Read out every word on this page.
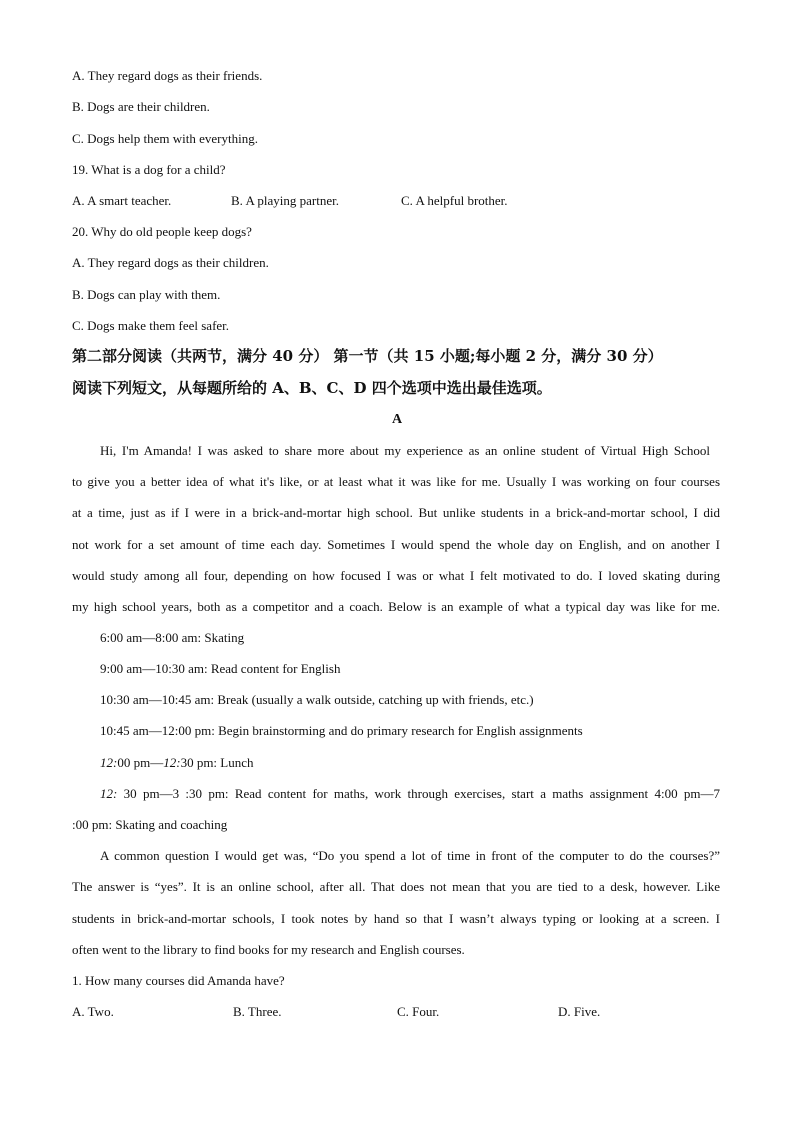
A. They regard dogs as their friends.
B. Dogs are their children.
C. Dogs help them with everything.
19. What is a dog for a child?
A. A smart teacher.	B. A playing partner.	C. A helpful brother.
20. Why do old people keep dogs?
A. They regard dogs as their children.
B. Dogs can play with them.
C. Dogs make them feel safer.
第二部分阅读（共两节，满分 40 分） 第一节（共 15 小题;每小题 2 分，满分 30 分）
阅读下列短文，从每题所给的 A、B、C、D 四个选项中选出最佳选项。
A
Hi, I'm Amanda! I was asked to share more about my experience as an online student of Virtual High School
to give you a better idea of what it's like, or at least what it was like for me. Usually I was working on four courses
at a time, just as if I were in a brick-and-mortar high school. But unlike students in a brick-and-mortar school, I did
not work for a set amount of time each day. Sometimes I would spend the whole day on English, and on another I
would study among all four, depending on how focused I was or what I felt motivated to do. I loved skating during
my high school years, both as a competitor and a coach. Below is an example of what a typical day was like for me.
6:00 am—8:00 am: Skating
9:00 am—10:30 am: Read content for English
10:30 am—10:45 am: Break (usually a walk outside, catching up with friends, etc.)
10:45 am—12:00 pm: Begin brainstorming and do primary research for English assignments
12:00 pm—12:30 pm: Lunch
12: 30 pm—3 :30 pm: Read content for maths, work through exercises, start a maths assignment 4:00 pm—7
:00 pm: Skating and coaching
A common question I would get was, “Do you spend a lot of time in front of the computer to do the courses?”
The answer is “yes”. It is an online school, after all. That does not mean that you are tied to a desk, however. Like
students in brick-and-mortar schools, I took notes by hand so that I wasn’t always typing or looking at a screen. I
often went to the library to find books for my research and English courses.
1. How many courses did Amanda have?
A. Two.	B. Three.	C. Four.	D. Five.
